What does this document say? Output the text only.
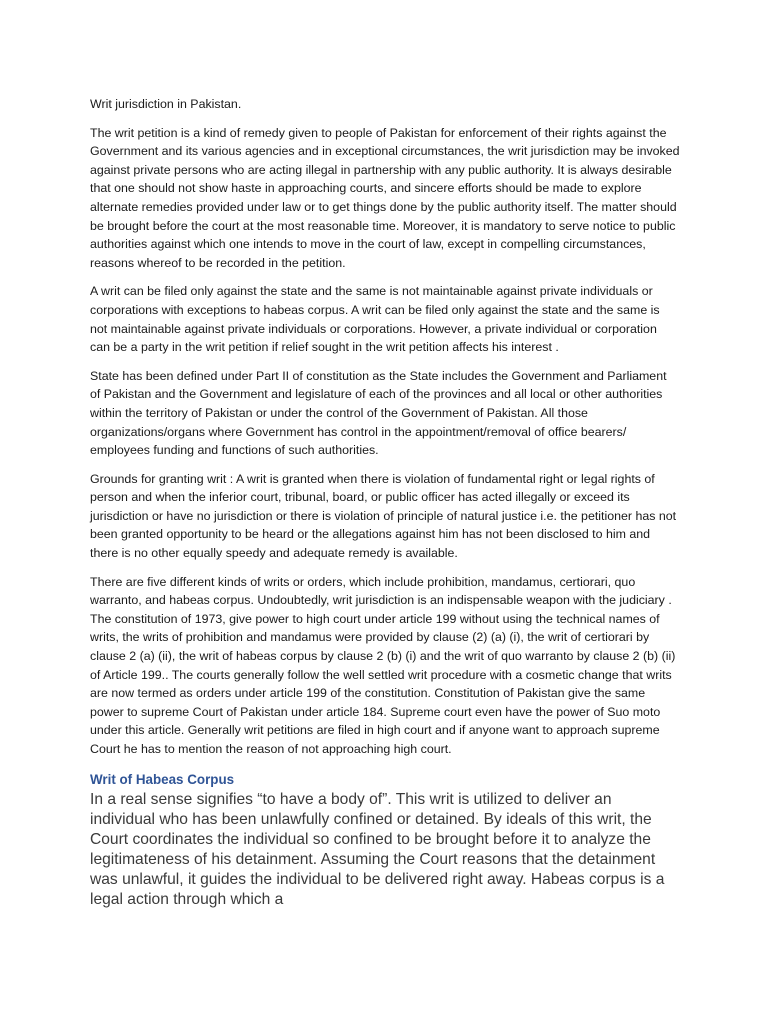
Writ jurisdiction in Pakistan.

The writ petition is a kind of remedy given to people of Pakistan for enforcement of their rights against the Government and its various agencies and in exceptional circumstances, the writ jurisdiction may be invoked against private persons who are acting illegal in partnership with any public authority. It is always desirable that one should not show haste in approaching courts, and sincere efforts should be made to explore alternate remedies provided under law or to get things done by the public authority itself. The matter should be brought before the court at the most reasonable time. Moreover, it is mandatory to serve notice to public authorities against which one intends to move in the court of law, except in compelling circumstances, reasons whereof to be recorded in the petition.

A writ can be filed only against the state and the same is not maintainable against private individuals or corporations with exceptions to habeas corpus. A writ can be filed only against the state and the same is not maintainable against private individuals or corporations. However, a private individual or corporation can be a party in the writ petition if relief sought in the writ petition affects his interest .

State has been defined under Part II of constitution as the State includes the Government and Parliament of Pakistan and the Government and legislature of each of the provinces and all local or other authorities within the territory of Pakistan or under the control of the Government of Pakistan. All those organizations/organs where Government has control in the appointment/removal of office bearers/ employees funding and functions of such authorities.

Grounds for granting writ : A writ is granted when there is violation of fundamental right or legal rights of person and when the inferior court, tribunal, board, or public officer has acted illegally or exceed its jurisdiction or have no jurisdiction or there is violation of principle of natural justice i.e. the petitioner has not been granted opportunity to be heard or the allegations against him has not been disclosed to him and there is no other equally speedy and adequate remedy is available.

There are five different kinds of writs or orders, which include prohibition, mandamus, certiorari, quo warranto, and habeas corpus. Undoubtedly, writ jurisdiction is an indispensable weapon with the judiciary . The constitution of 1973, give power to high court under article 199 without using the technical names of writs, the writs of prohibition and mandamus were provided by clause (2) (a) (i), the writ of certiorari by clause 2 (a) (ii), the writ of habeas corpus by clause 2 (b) (i) and the writ of quo warranto by clause 2 (b) (ii) of Article 199.. The courts generally follow the well settled writ procedure with a cosmetic change that writs are now termed as orders under article 199 of the constitution. Constitution of Pakistan give the same power to supreme Court of Pakistan under article 184. Supreme court even have the power of Suo moto under this article. Generally writ petitions are filed in high court and if anyone want to approach supreme Court he has to mention the reason of not approaching high court.

Writ of Habeas Corpus

In a real sense signifies “to have a body of”. This writ is utilized to deliver an individual who has been unlawfully confined or detained. By ideals of this writ, the Court coordinates the individual so confined to be brought before it to analyze the legitimateness of his detainment. Assuming the Court reasons that the detainment was unlawful, it guides the individual to be delivered right away. Habeas corpus is a legal action through which a
